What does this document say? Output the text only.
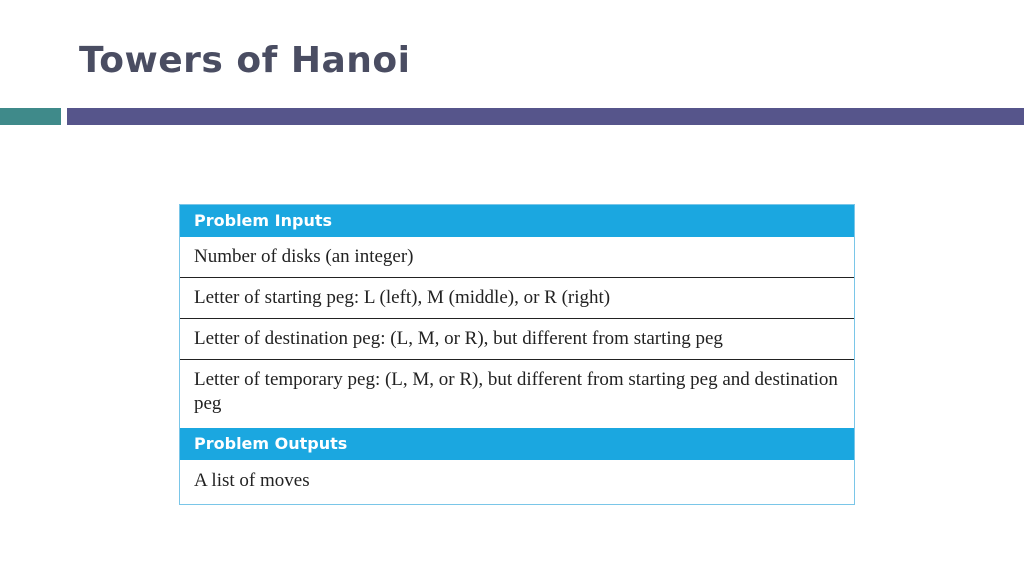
Towers of Hanoi
Problem Inputs
Number of disks (an integer)
Letter of starting peg: L (left), M (middle), or R (right)
Letter of destination peg: (L, M, or R), but different from starting peg
Letter of temporary peg: (L, M, or R), but different from starting peg and destination peg
Problem Outputs
A list of moves
